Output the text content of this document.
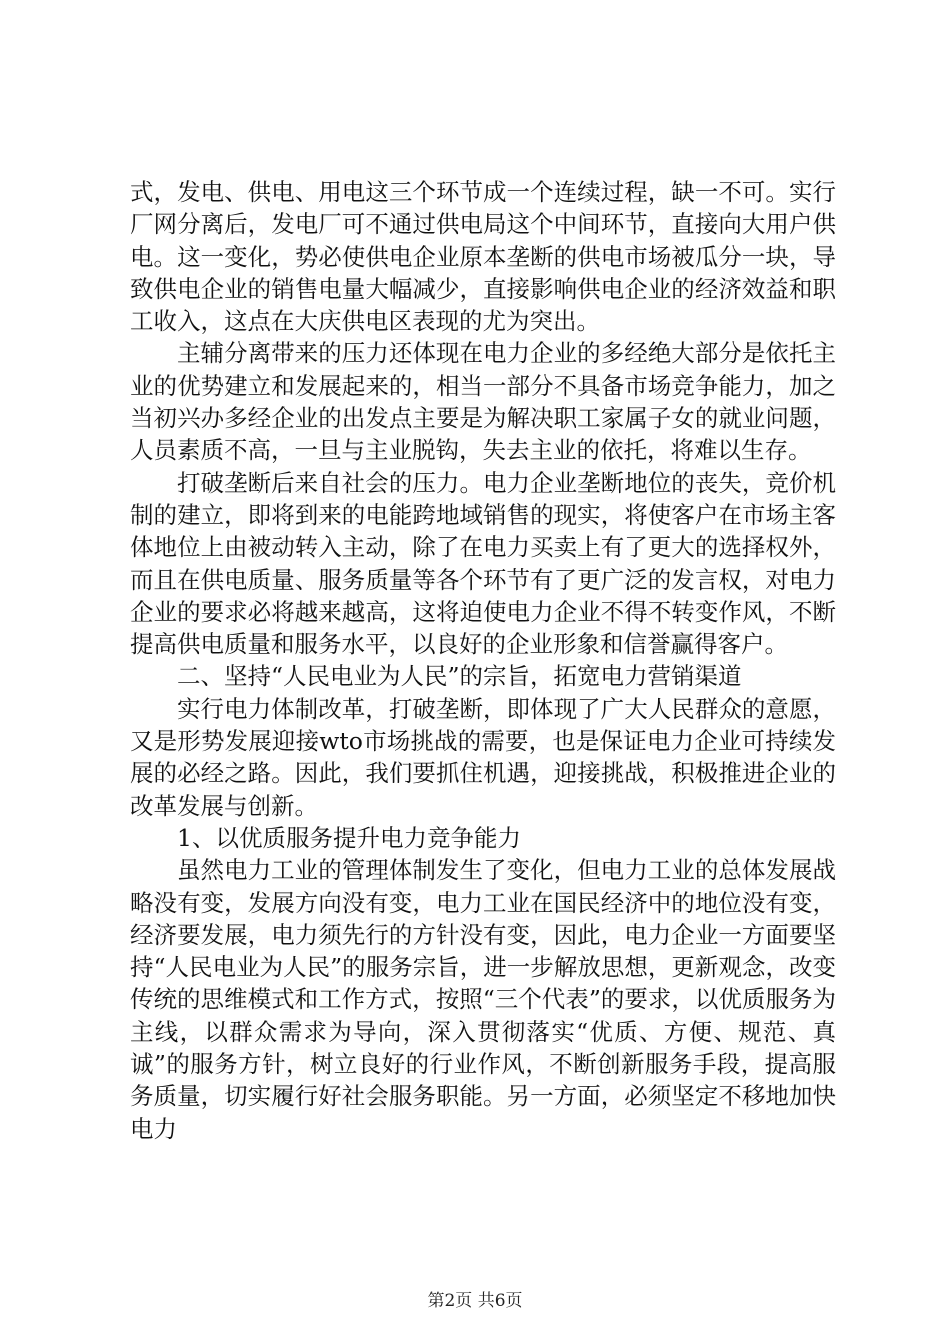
式，发电、供电、用电这三个环节成一个连续过程，缺一不可。实行厂网分离后，发电厂可不通过供电局这个中间环节，直接向大用户供电。这一变化，势必使供电企业原本垄断的供电市场被瓜分一块，导致供电企业的销售电量大幅减少，直接影响供电企业的经济效益和职工收入，这点在大庆供电区表现的尤为突出。

主辅分离带来的压力还体现在电力企业的多经绝大部分是依托主业的优势建立和发展起来的，相当一部分不具备市场竞争能力，加之当初兴办多经企业的出发点主要是为解决职工家属子女的就业问题，人员素质不高，一旦与主业脱钩，失去主业的依托，将难以生存。

打破垄断后来自社会的压力。电力企业垄断地位的丧失，竞价机制的建立，即将到来的电能跨地域销售的现实，将使客户在市场主客体地位上由被动转入主动，除了在电力买卖上有了更大的选择权外，而且在供电质量、服务质量等各个环节有了更广泛的发言权，对电力企业的要求必将越来越高，这将迫使电力企业不得不转变作风，不断提高供电质量和服务水平，以良好的企业形象和信誉赢得客户。

二、坚持“人民电业为人民”的宗旨，拓宽电力营销渠道

实行电力体制改革，打破垄断，即体现了广大人民群众的意愿，又是形势发展迎接wto市场挑战的需要，也是保证电力企业可持续发展的必经之路。因此，我们要抓住机遇，迎接挑战，积极推进企业的改革发展与创新。

1、以优质服务提升电力竞争能力

虽然电力工业的管理体制发生了变化，但电力工业的总体发展战略没有变，发展方向没有变，电力工业在国民经济中的地位没有变，经济要发展，电力须先行的方针没有变，因此，电力企业一方面要坚持“人民电业为人民”的服务宗旨，进一步解放思想，更新观念，改变传统的思维模式和工作方式，按照“三个代表”的要求，以优质服务为主线，以群众需求为导向，深入贯彻落实“优质、方便、规范、真诚”的服务方针，树立良好的行业作风，不断创新服务手段，提高服务质量，切实履行好社会服务职能。另一方面，必须坚定不移地加快电力

第2页 共6页
